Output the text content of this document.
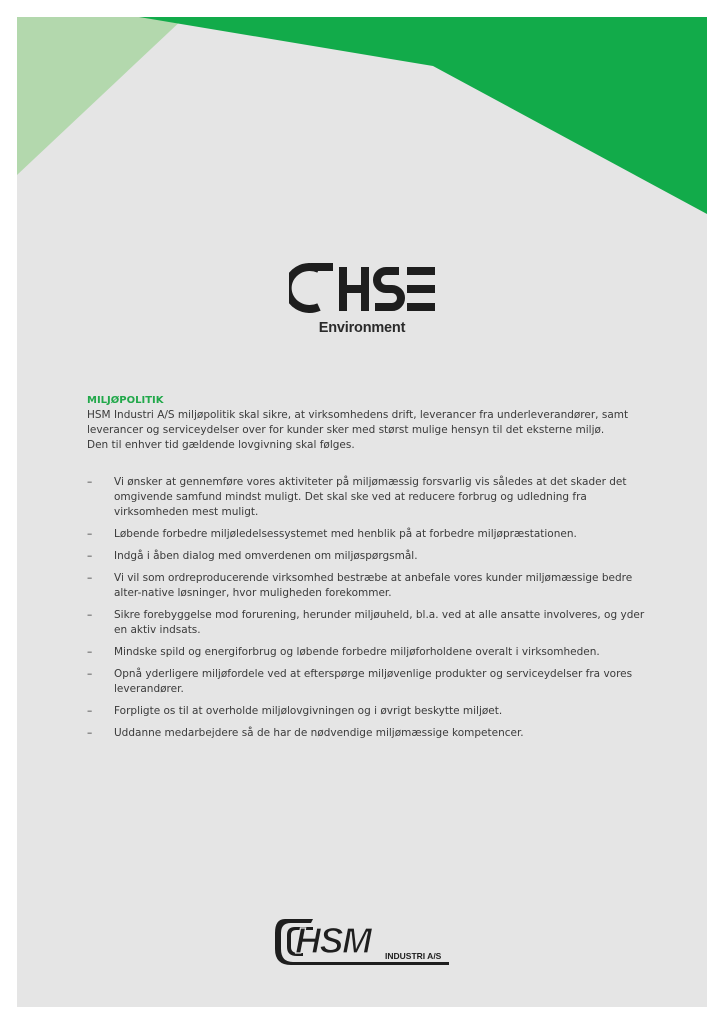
Environment
MILJØPOLITIK

HSM Industri A/S miljøpolitik skal sikre, at virksomhedens drift, leverancer fra underleverandører, samt leverancer og serviceydelser over for kunder sker med størst mulige hensyn til det eksterne miljø.

Den til enhver tid gældende lovgivning skal følges.

– Vi ønsker at gennemføre vores aktiviteter på miljømæssig forsvarlig vis således at det skader det omgivende samfund mindst muligt. Det skal ske ved at reducere forbrug og udledning fra virksomheden mest muligt.
– Løbende forbedre miljøledelsessystemet med henblik på at forbedre miljøpræstationen.
– Indgå i åben dialog med omverdenen om miljøspørgsmål.
– Vi vil som ordreproducerende virksomhed bestræbe at anbefale vores kunder miljømæssige bedre alter-native løsninger, hvor muligheden forekommer.
– Sikre forebyggelse mod forurening, herunder miljøuheld, bl.a. ved at alle ansatte involveres, og yder en aktiv indsats.
– Mindske spild og energiforbrug og løbende forbedre miljøforholdene overalt i virksomheden.
– Opnå yderligere miljøfordele ved at efterspørge miljøvenlige produkter og serviceydelser fra vores leverandører.
– Forpligte os til at overholde miljølovgivningen og i øvrigt beskytte miljøet.
– Uddanne medarbejdere så de har de nødvendige miljømæssige kompetencer.
HSM INDUSTRI A/S
